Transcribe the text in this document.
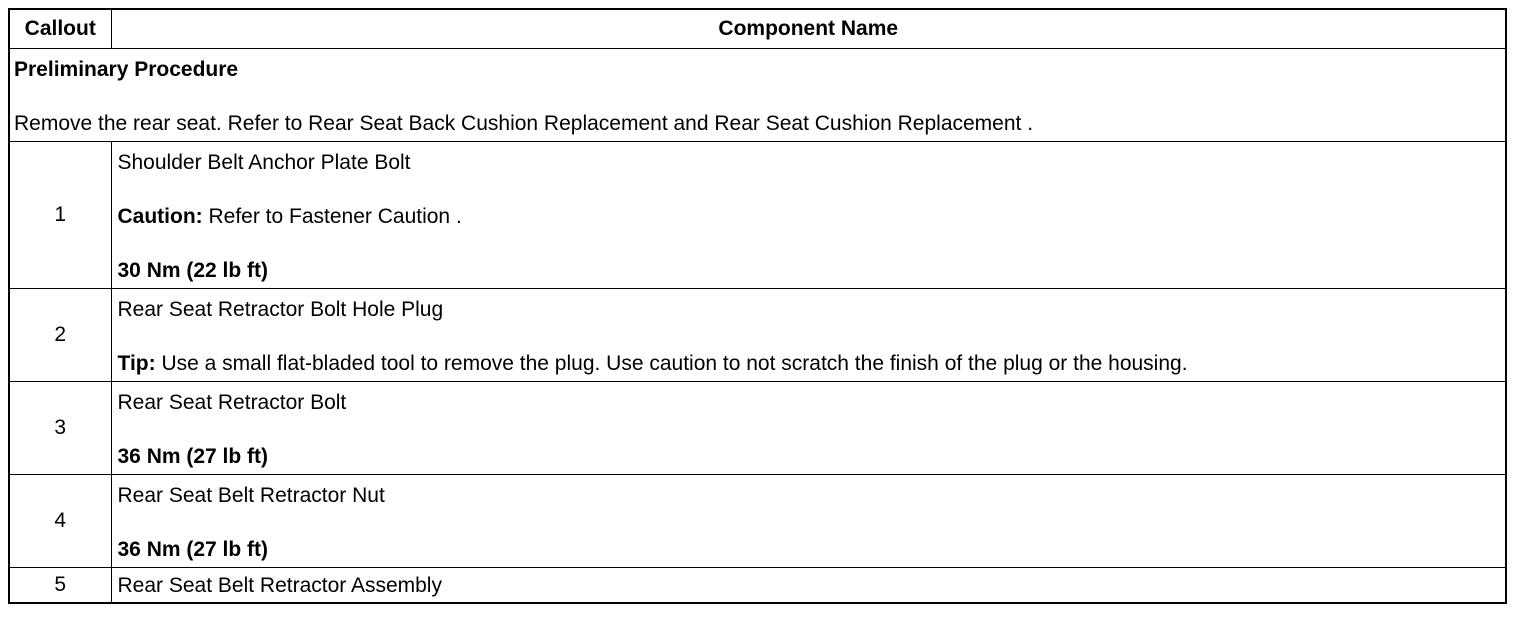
Callout	Component Name

Preliminary Procedure
Remove the rear seat. Refer to Rear Seat Back Cushion Replacement and Rear Seat Cushion Replacement .	

1	Shoulder Belt Anchor Plate Bolt
Caution: Refer to Fastener Caution .
30 Nm (22 lb ft)

2	Rear Seat Retractor Bolt Hole Plug
Tip: Use a small flat-bladed tool to remove the plug. Use caution to not scratch the finish of the plug or the housing.

3	Rear Seat Retractor Bolt
36 Nm (27 lb ft)

4	Rear Seat Belt Retractor Nut
36 Nm (27 lb ft)

5	Rear Seat Belt Retractor Assembly
